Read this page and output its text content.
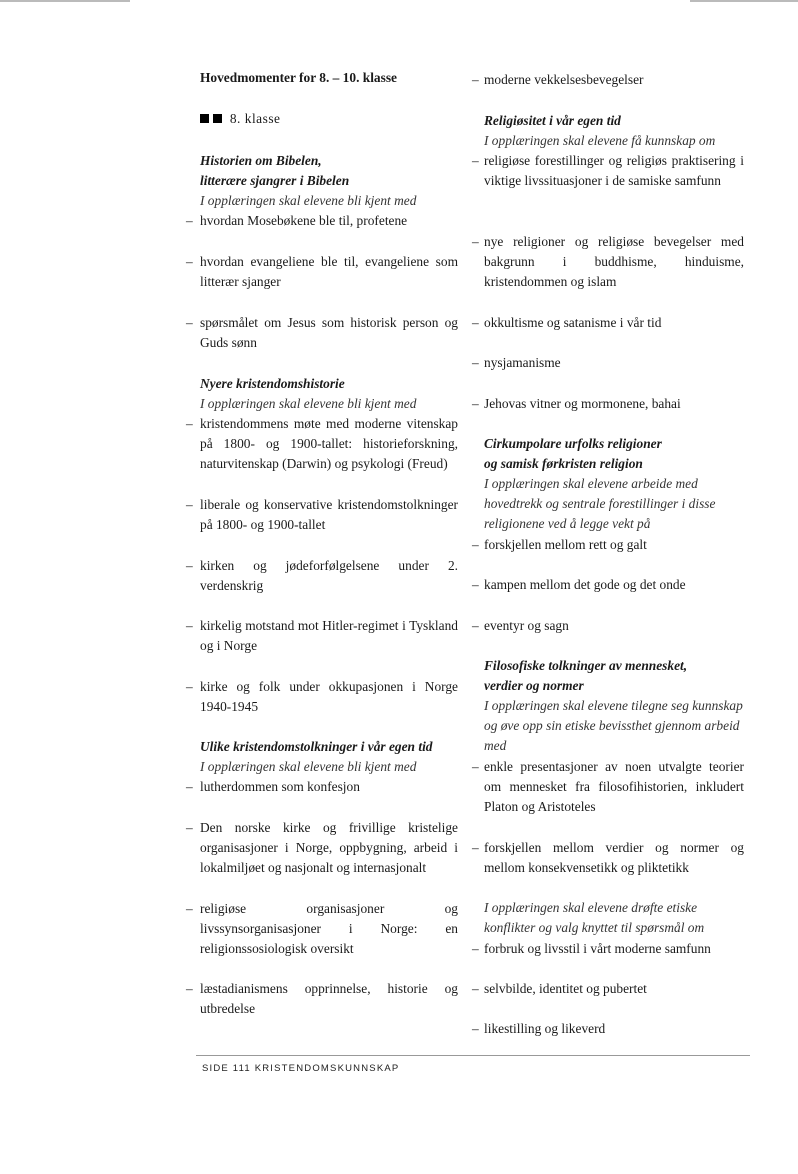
Hovedmomenter for 8. – 10. klasse
8. klasse
Historien om Bibelen,
litterære sjangrer i Bibelen
I opplæringen skal elevene bli kjent med
– hvordan Mosebøkene ble til, profetene
– hvordan evangeliene ble til, evangeliene som litterær sjanger
– spørsmålet om Jesus som historisk person og Guds sønn
Nyere kristendomshistorie
I opplæringen skal elevene bli kjent med
– kristendommens møte med moderne vitenskap på 1800- og 1900-tallet: historieforskning, naturvitenskap (Darwin) og psykologi (Freud)
– liberale og konservative kristendomstolkninger på 1800- og 1900-tallet
– kirken og jødeforfølgelsene under 2. verdenskrig
– kirkelig motstand mot Hitler-regimet i Tyskland og i Norge
– kirke og folk under okkupasjonen i Norge 1940-1945
Ulike kristendomstolkninger i vår egen tid
I opplæringen skal elevene bli kjent med
– lutherdommen som konfesjon
– Den norske kirke og frivillige kristelige organisasjoner i Norge, oppbygning, arbeid i lokalmiljøet og nasjonalt og internasjonalt
– religiøse organisasjoner og livssynsorganisasjoner i Norge: en religionssosiologisk oversikt
– læstadianismens opprinnelse, historie og utbredelse
– moderne vekkelsesbevegelser
Religiøsitet i vår egen tid
I opplæringen skal elevene få kunnskap om
– religiøse forestillinger og religiøs praktisering i viktige livssituasjoner i de samiske samfunn
– nye religioner og religiøse bevegelser med bakgrunn i buddhisme, hinduisme, kristendommen og islam
– okkultisme og satanisme i vår tid
– nysjamanisme
– Jehovas vitner og mormonene, bahai
Cirkumpolare urfolks religioner
og samisk førkristen religion
I opplæringen skal elevene arbeide med hovedtrekk og sentrale forestillinger i disse religionene ved å legge vekt på
– forskjellen mellom rett og galt
– kampen mellom det gode og det onde
– eventyr og sagn
Filosofiske tolkninger av mennesket,
verdier og normer
I opplæringen skal elevene tilegne seg kunnskap og øve opp sin etiske bevissthet gjennom arbeid med
– enkle presentasjoner av noen utvalgte teorier om mennesket fra filosofihistorien, inkludert Platon og Aristoteles
– forskjellen mellom verdier og normer og mellom konsekvensetikk og pliktetikk
I opplæringen skal elevene drøfte etiske konflikter og valg knyttet til spørsmål om
– forbruk og livsstil i vårt moderne samfunn
– selvbilde, identitet og pubertet
– likestilling og likeverd
SIDE 111 KRISTENDOMSKUNNSKAP
